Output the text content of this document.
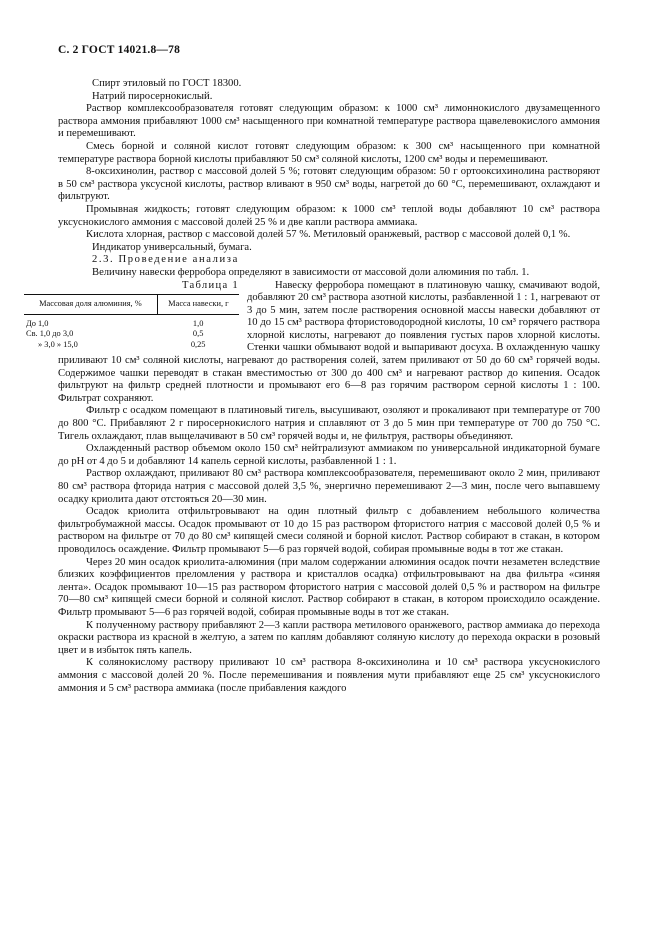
С. 2 ГОСТ 14021.8—78

Спирт этиловый по ГОСТ 18300.

Натрий пиросернокислый.

Раствор комплексообразователя готовят следующим образом: к 1000 см³ лимоннокислого двузамещенного раствора аммония прибавляют 1000 см³ насыщенного при комнатной температуре раствора щавелевокислого аммония и перемешивают.

Смесь борной и соляной кислот готовят следующим образом: к 300 см³ насыщенного при комнатной температуре раствора борной кислоты прибавляют 50 см³ соляной кислоты, 1200 см³ воды и перемешивают.

8-оксихинолин, раствор с массовой долей 5 %; готовят следующим образом: 50 г ортооксихинолина растворяют в 50 см³ раствора уксусной кислоты, раствор вливают в 950 см³ воды, нагретой до 60 °С, перемешивают, охлаждают и фильтруют.

Промывная жидкость; готовят следующим образом: к 1000 см³ теплой воды добавляют 10 см³ раствора уксуснокислого аммония с массовой долей 25 % и две капли раствора аммиака.

Кислота хлорная, раствор с массовой долей 57 %. Метиловый оранжевый, раствор с массовой долей 0,1 %.

Индикатор универсальный, бумага.

2.3. Проведение анализа

Величину навески ферробора определяют в зависимости от массовой доли алюминия по табл. 1.

Таблица 1
Массовая доля алюминия, %	Масса навески, г
До 1,0	1,0
Св. 1,0 до 3,0	0,5
» 3,0 » 15,0	0,25

Навеску ферробора помещают в платиновую чашку, смачивают водой, добавляют 20 см³ раствора азотной кислоты, разбавленной 1 : 1, нагревают от 3 до 5 мин, затем после растворения основной массы навески добавляют от 10 до 15 см³ раствора фтористоводородной кислоты, 10 см³ горячего раствора хлорной кислоты, нагревают до появления густых паров хлорной кислоты. Стенки чашки обмывают водой и выпаривают досуха. В охлажденную чашку приливают 10 см³ соляной кислоты, нагревают до растворения солей, затем приливают от 50 до 60 см³ горячей воды. Содержимое чашки переводят в стакан вместимостью от 300 до 400 см³ и нагревают раствор до кипения. Осадок фильтруют на фильтр средней плотности и промывают его 6—8 раз горячим раствором серной кислоты 1 : 100. Фильтрат сохраняют.

Фильтр с осадком помещают в платиновый тигель, высушивают, озоляют и прокаливают при температуре от 700 до 800 °С. Прибавляют 2 г пиросернокислого натрия и сплавляют от 3 до 5 мин при температуре от 700 до 750 °С. Тигель охлаждают, плав выщелачивают в 50 см³ горячей воды и, не фильтруя, растворы объединяют.

Охлажденный раствор объемом около 150 см³ нейтрализуют аммиаком по универсальной индикаторной бумаге до pH от 4 до 5 и добавляют 14 капель серной кислоты, разбавленной 1 : 1.

Раствор охлаждают, приливают 80 см³ раствора комплексообразователя, перемешивают около 2 мин, приливают 80 см³ раствора фторида натрия с массовой долей 3,5 %, энергично перемешивают 2—3 мин, после чего выпавшему осадку криолита дают отстояться 20—30 мин.

Осадок криолита отфильтровывают на один плотный фильтр с добавлением небольшого количества фильтробумажной массы. Осадок промывают от 10 до 15 раз раствором фтористого натрия с массовой долей 0,5 % и раствором на фильтре от 70 до 80 см³ кипящей смеси соляной и борной кислот. Раствор собирают в стакан, в котором проводилось осаждение. Фильтр промывают 5—6 раз горячей водой, собирая промывные воды в тот же стакан.

Через 20 мин осадок криолита-алюминия (при малом содержании алюминия осадок почти незаметен вследствие близких коэффициентов преломления у раствора и кристаллов осадка) отфильтровывают на два фильтра «синяя лента». Осадок промывают 10—15 раз раствором фтористого натрия с массовой долей 0,5 % и раствором на фильтре 70—80 см³ кипящей смеси борной и соляной кислот. Раствор собирают в стакан, в котором происходило осаждение. Фильтр промывают 5—6 раз горячей водой, собирая промывные воды в тот же стакан.

К полученному раствору прибавляют 2—3 капли раствора метилового оранжевого, раствор аммиака до перехода окраски раствора из красной в желтую, а затем по каплям добавляют соляную кислоту до перехода окраски в розовый цвет и в избыток пять капель.

К солянокислому раствору приливают 10 см³ раствора 8-оксихинолина и 10 см³ раствора уксуснокислого аммония с массовой долей 20 %. После перемешивания и появления мути прибавляют еще 25 см³ уксуснокислого аммония и 5 см³ раствора аммиака (после прибавления каждого
